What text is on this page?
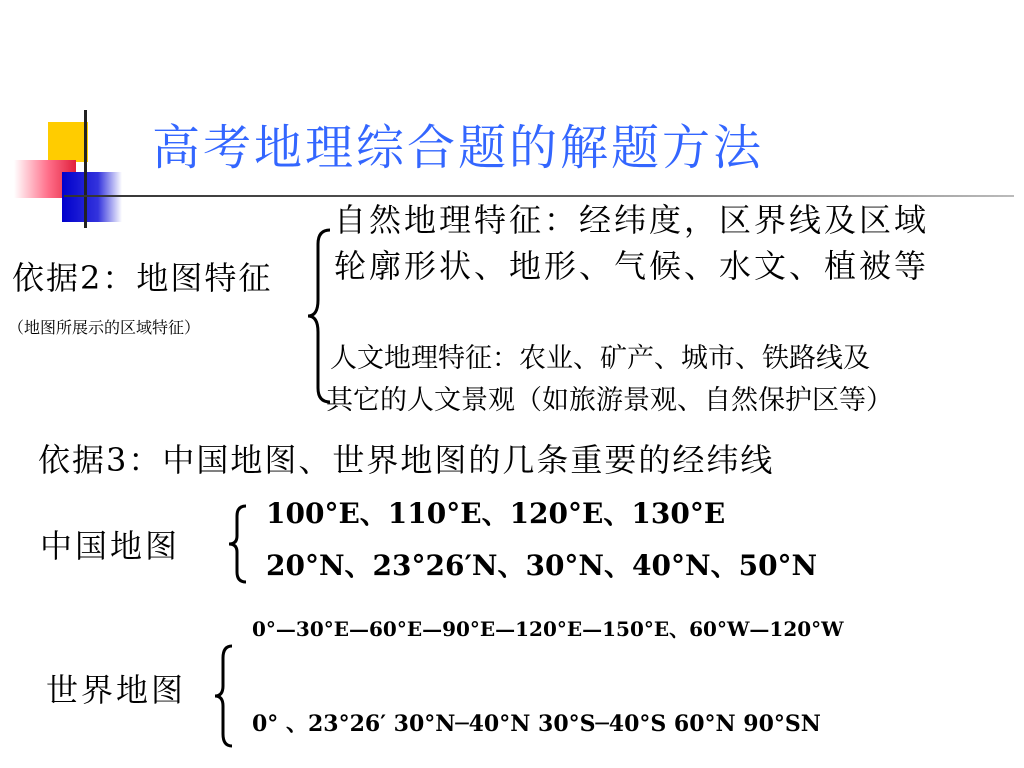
高考地理综合题的解题方法
依据2：地图特征
（地图所展示的区域特征）
自然地理特征：经纬度，区界线及区域
轮廓形状、地形、气候、水文、植被等
人文地理特征：农业、矿产、城市、铁路线及
其它的人文景观（如旅游景观、自然保护区等）
依据3：中国地图、世界地图的几条重要的经纬线
中国地图
100°E、110°E、120°E、130°E
20°N、23°26′N、30°N、40°N、50°N
0°—30°E—60°E—90°E—120°E—150°E、60°W—120°W
世界地图
0° 、23°26′ 30°N─40°N 30°S─40°S 60°N 90°SN
